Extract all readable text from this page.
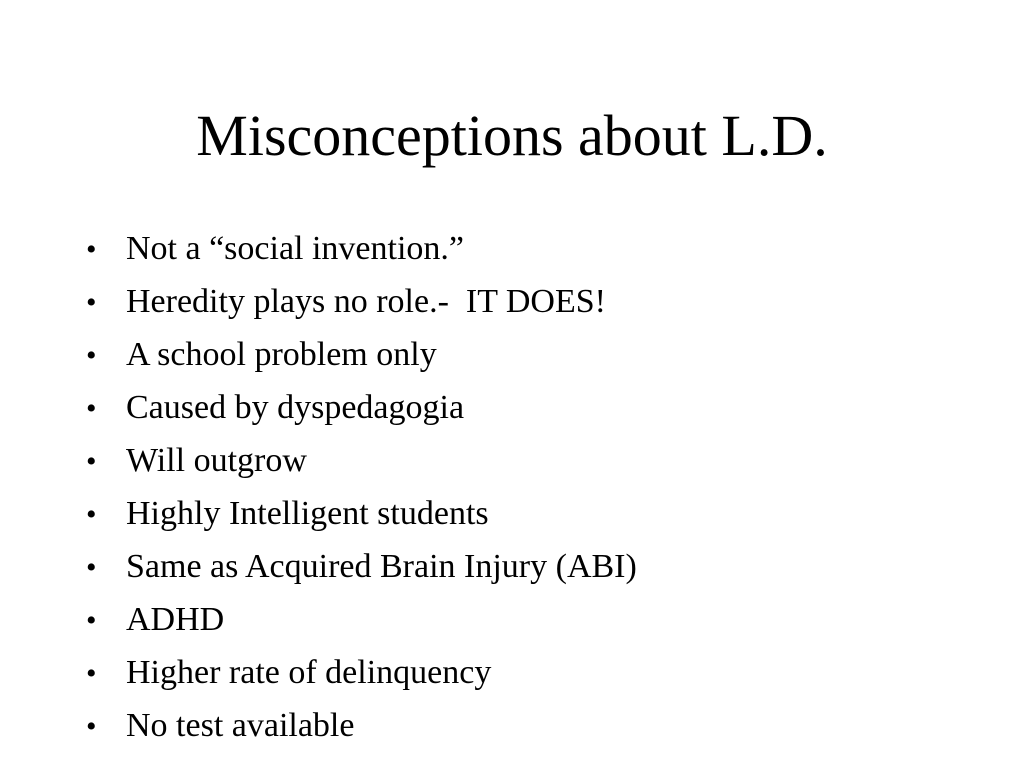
Misconceptions about L.D.
• Not a “social invention.”
• Heredity plays no role.-  IT DOES!
• A school problem only
• Caused by dyspedagogia
• Will outgrow
• Highly Intelligent students
• Same as Acquired Brain Injury (ABI)
• ADHD
• Higher rate of delinquency
• No test available
